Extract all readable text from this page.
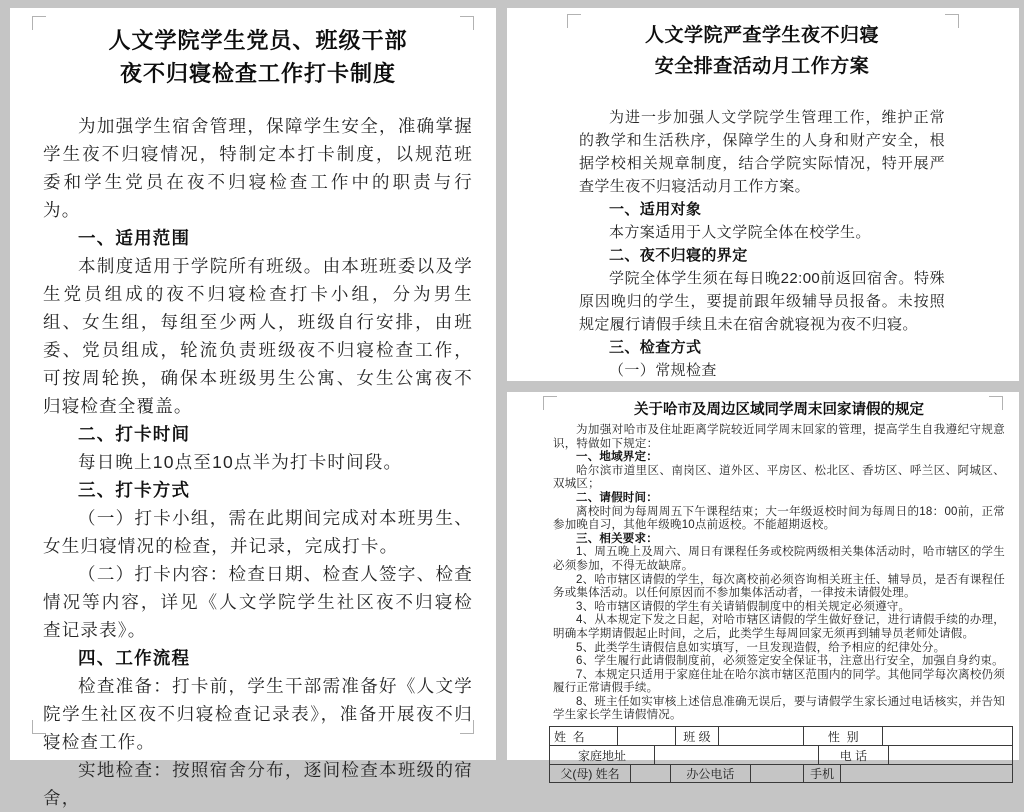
人文学院学生党员、班级干部
夜不归寝检查工作打卡制度

为加强学生宿舍管理，保障学生安全，准确掌握学生夜不归寝情况，特制定本打卡制度，以规范班委和学生党员在夜不归寝检查工作中的职责与行为。

一、适用范围

本制度适用于学院所有班级。由本班班委以及学生党员组成的夜不归寝检查打卡小组，分为男生组、女生组，每组至少两人，班级自行安排，由班委、党员组成，轮流负责班级夜不归寝检查工作，可按周轮换，确保本班级男生公寓、女生公寓夜不归寝检查全覆盖。

二、打卡时间

每日晚上10点至10点半为打卡时间段。

三、打卡方式

（一）打卡小组，需在此期间完成对本班男生、女生归寝情况的检查，并记录，完成打卡。

（二）打卡内容：检查日期、检查人签字、检查情况等内容，详见《人文学院学生社区夜不归寝检查记录表》。

四、工作流程

检查准备：打卡前，学生干部需准备好《人文学院学生社区夜不归寝检查记录表》，准备开展夜不归寝检查工作。

实地检查：按照宿舍分布，逐间检查本班级的宿舍，

人文学院严查学生夜不归寝
安全排查活动月工作方案

为进一步加强人文学院学生管理工作，维护正常的教学和生活秩序，保障学生的人身和财产安全，根据学校相关规章制度，结合学院实际情况，特开展严查学生夜不归寝活动月工作方案。

一、适用对象

本方案适用于人文学院全体在校学生。

二、夜不归寝的界定

学院全体学生须在每日晚22:00前返回宿舍。特殊原因晚归的学生，要提前跟年级辅导员报备。未按照规定履行请假手续且未在宿舍就寝视为夜不归寝。

三、检查方式

（一）常规检查

关于哈市及周边区域同学周末回家请假的规定

为加强对哈市及住址距离学院较近同学周末回家的管理，提高学生自我遵纪守规意识，特做如下规定：

一、地域界定：

哈尔滨市道里区、南岗区、道外区、平房区、松北区、香坊区、呼兰区、阿城区、双城区；

二、请假时间：

离校时间为每周周五下午课程结束；大一年级返校时间为每周日的18：00前，正常参加晚自习，其他年级晚10点前返校。不能超期返校。

三、相关要求：

1、周五晚上及周六、周日有课程任务或校院两级相关集体活动时，哈市辖区的学生必须参加，不得无故缺席。

2、哈市辖区请假的学生，每次离校前必须咨询相关班主任、辅导员，是否有课程任务或集体活动。以任何原因而不参加集体活动者，一律按未请假处理。

3、哈市辖区请假的学生有关请销假制度中的相关规定必须遵守。

4、从本规定下发之日起，对哈市辖区请假的学生做好登记，进行请假手续的办理，明确本学期请假起止时间，之后，此类学生每周回家无须再到辅导员老师处请假。

5、此类学生请假信息如实填写，一旦发现造假，给予相应的纪律处分。

6、学生履行此请假制度前，必须签定安全保证书，注意出行安全，加强自身约束。

7、本规定只适用于家庭住址在哈尔滨市辖区范围内的同学。其他同学每次离校仍须履行正常请假手续。

8、班主任如实审核上述信息准确无误后，要与请假学生家长通过电话核实，并告知学生家长学生请假情况。

姓  名	班 级	性  别
家庭地址	电 话
父(母) 姓名	办公电话	手机
